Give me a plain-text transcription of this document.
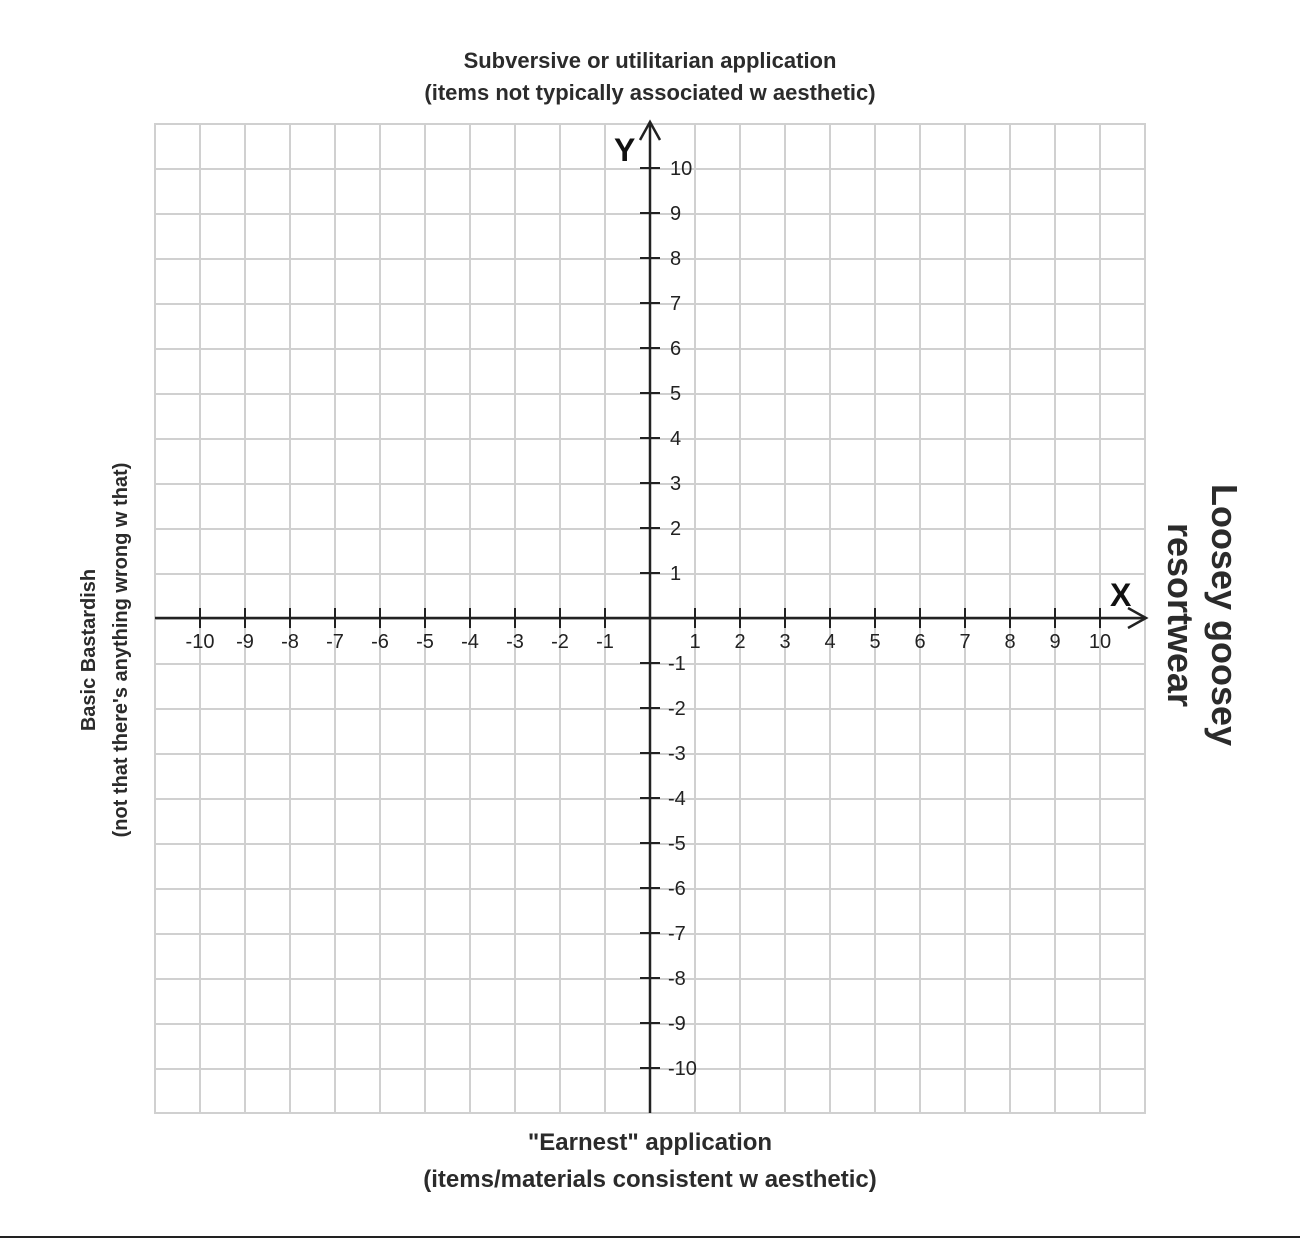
Subversive or utilitarian application
(items not typically associated w aesthetic)
Basic Bastardish (not that there's anything wrong w that)	Loosey goosey
resortwear
-10 -9 -8 -7 -6 -5 -4 -3 -2 -1	1 2 3 4 5 6 7 8 9 10
10
9
8
7
6
5
4
3
2
1
-1
-2
-3
-4
-5
-6
-7
-8
-9
-10
X
Y
"Earnest" application
(items/materials consistent w aesthetic)
